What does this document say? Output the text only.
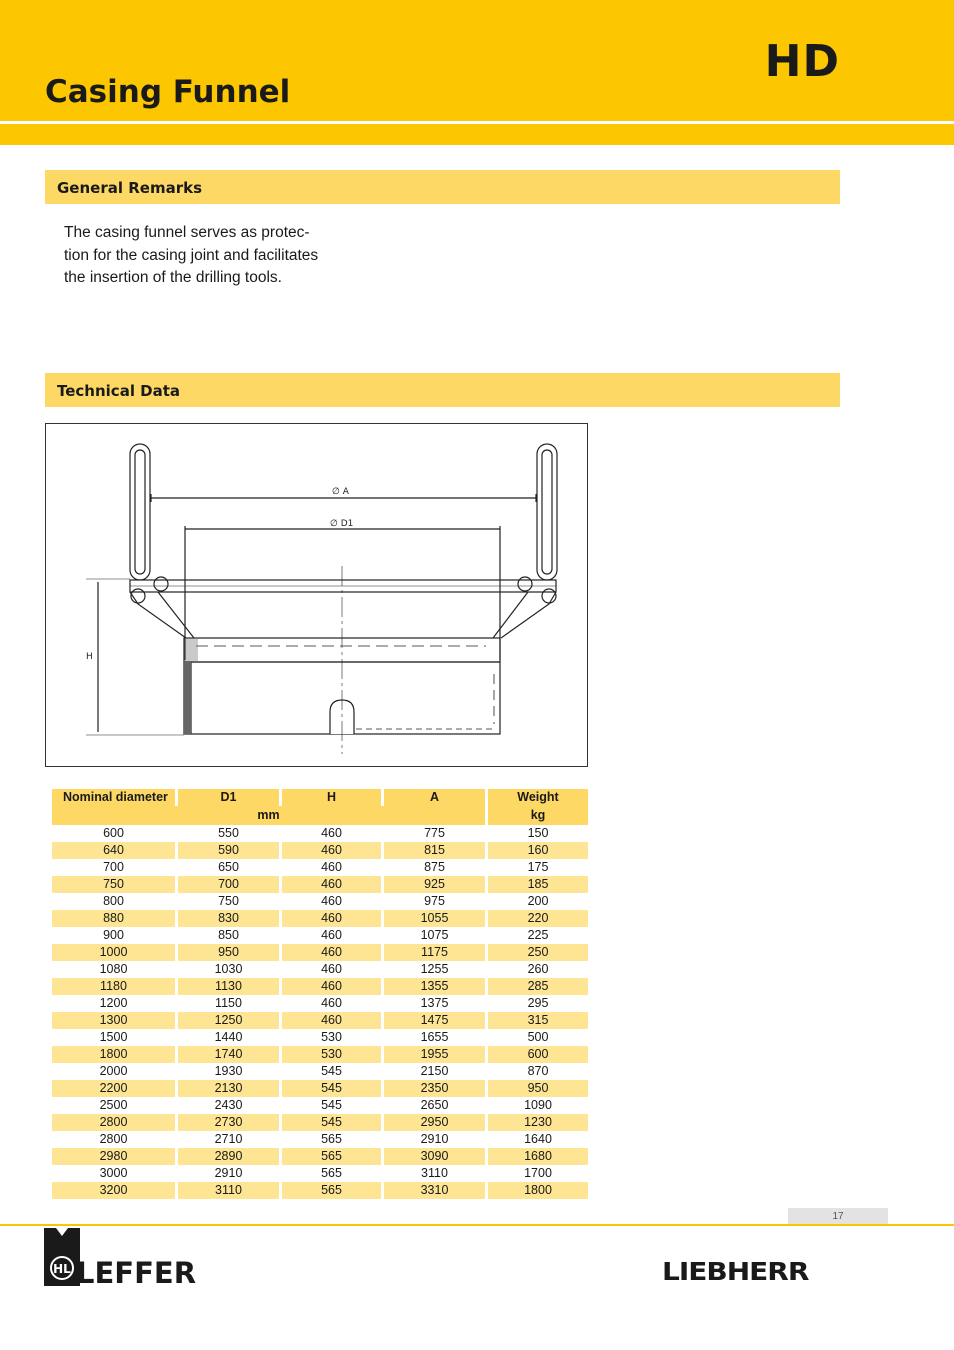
HD
Casing Funnel
General Remarks
The casing funnel serves as protec-
tion for the casing joint and facilitates
the insertion of the drilling tools.
Technical Data
∅ A
∅ D1
H
Nominal diameter	D1	H	A	Weight
mm				kg
600	550	460	775	150
640	590	460	815	160
700	650	460	875	175
750	700	460	925	185
800	750	460	975	200
880	830	460	1055	220
900	850	460	1075	225
1000	950	460	1175	250
1080	1030	460	1255	260
1180	1130	460	1355	285
1200	1150	460	1375	295
1300	1250	460	1475	315
1500	1440	530	1655	500
1800	1740	530	1955	600
2000	1930	545	2150	870
2200	2130	545	2350	950
2500	2430	545	2650	1090
2800	2730	545	2950	1230
2800	2710	565	2910	1640
2980	2890	565	3090	1680
3000	2910	565	3110	1700
3200	3110	565	3310	1800
17
HL LEFFER	LIEBHERR
